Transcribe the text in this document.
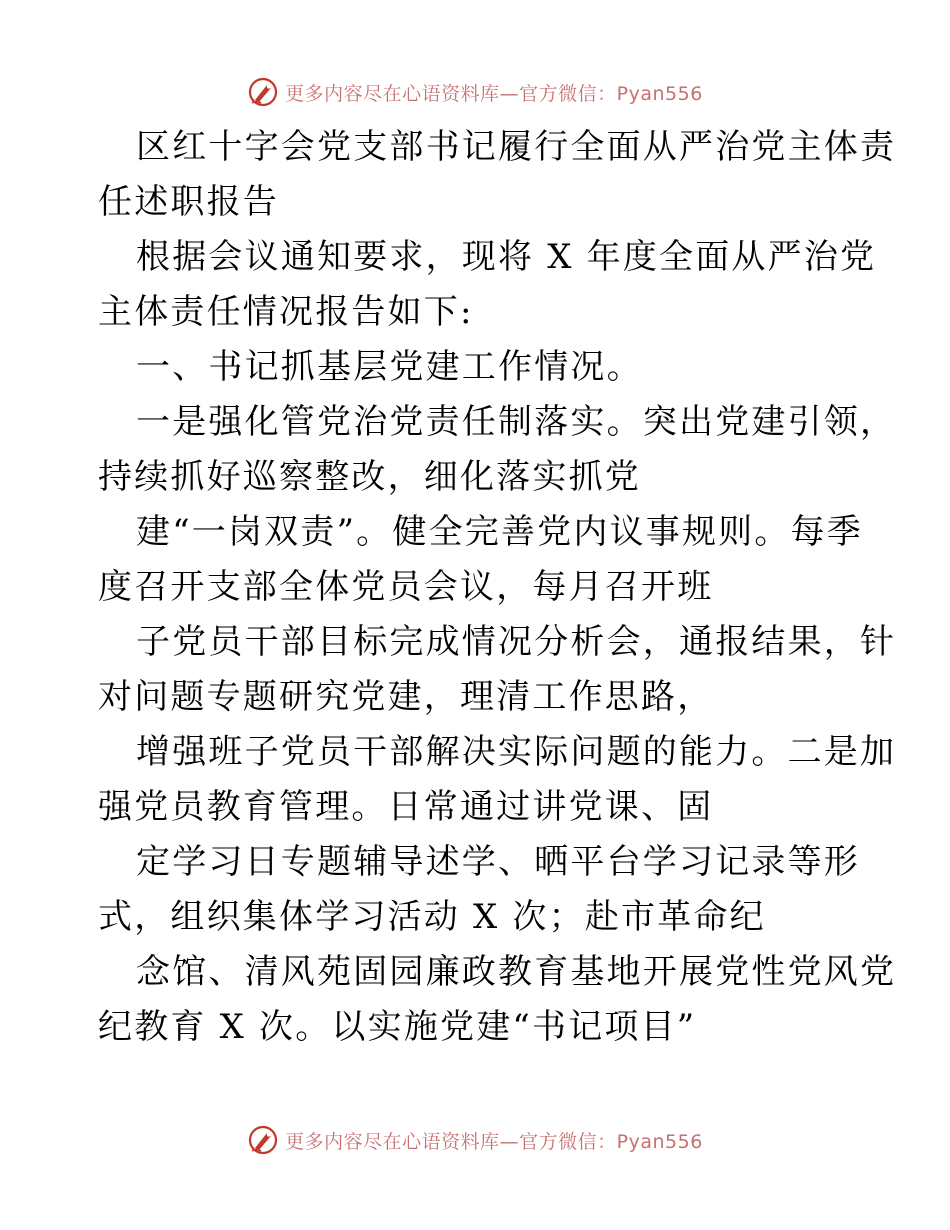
更多内容尽在心语资料库—官方微信：Pyan556
区红十字会党支部书记履行全面从严治党主体责
任述职报告
根据会议通知要求，现将 X 年度全面从严治党
主体责任情况报告如下:
一、书记抓基层党建工作情况。
一是强化管党治党责任制落实。突出党建引领，
持续抓好巡察整改，细化落实抓党
建“一岗双责”。健全完善党内议事规则。每季
度召开支部全体党员会议，每月召开班
子党员干部目标完成情况分析会，通报结果，针
对问题专题研究党建，理清工作思路，
增强班子党员干部解决实际问题的能力。二是加
强党员教育管理。日常通过讲党课、固
定学习日专题辅导述学、晒平台学习记录等形
式，组织集体学习活动 X 次；赴市革命纪
念馆、清风苑固园廉政教育基地开展党性党风党
纪教育 X 次。以实施党建“书记项目”
更多内容尽在心语资料库—官方微信：Pyan556
